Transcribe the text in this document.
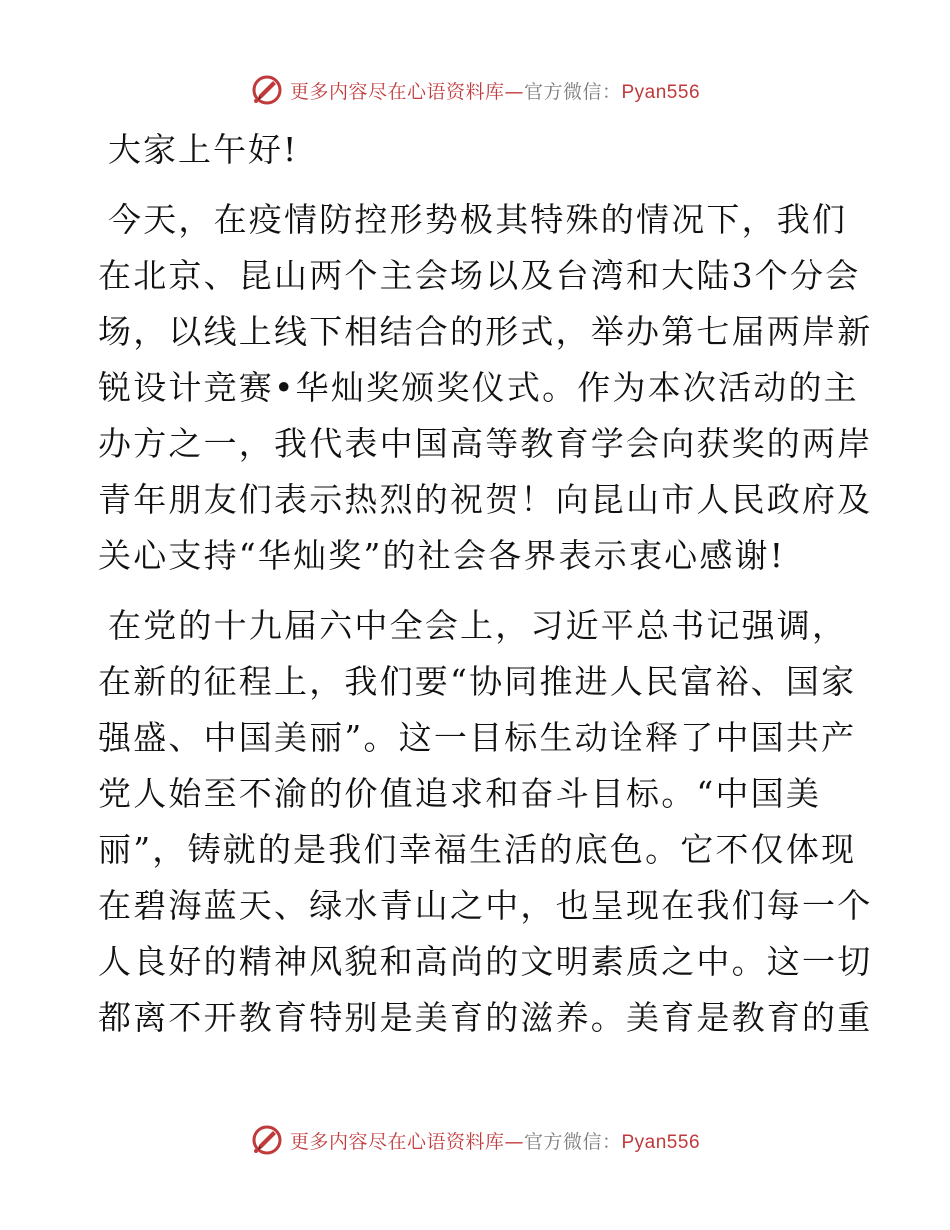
更多内容尽在心语资料库—官方微信：Pyan556
大家上午好!
今天，在疫情防控形势极其特殊的情况下，我们
在北京、昆山两个主会场以及台湾和大陆3个分会
场，以线上线下相结合的形式，举办第七届两岸新
锐设计竞赛•华灿奖颁奖仪式。作为本次活动的主
办方之一，我代表中国高等教育学会向获奖的两岸
青年朋友们表示热烈的祝贺！向昆山市人民政府及
关心支持“华灿奖”的社会各界表示衷心感谢!
在党的十九届六中全会上，习近平总书记强调，
在新的征程上，我们要“协同推进人民富裕、国家
强盛、中国美丽”。这一目标生动诠释了中国共产
党人始至不渝的价值追求和奋斗目标。“中国美
丽”，铸就的是我们幸福生活的底色。它不仅体现
在碧海蓝天、绿水青山之中，也呈现在我们每一个
人良好的精神风貌和高尚的文明素质之中。这一切
都离不开教育特别是美育的滋养。美育是教育的重
更多内容尽在心语资料库—官方微信：Pyan556
